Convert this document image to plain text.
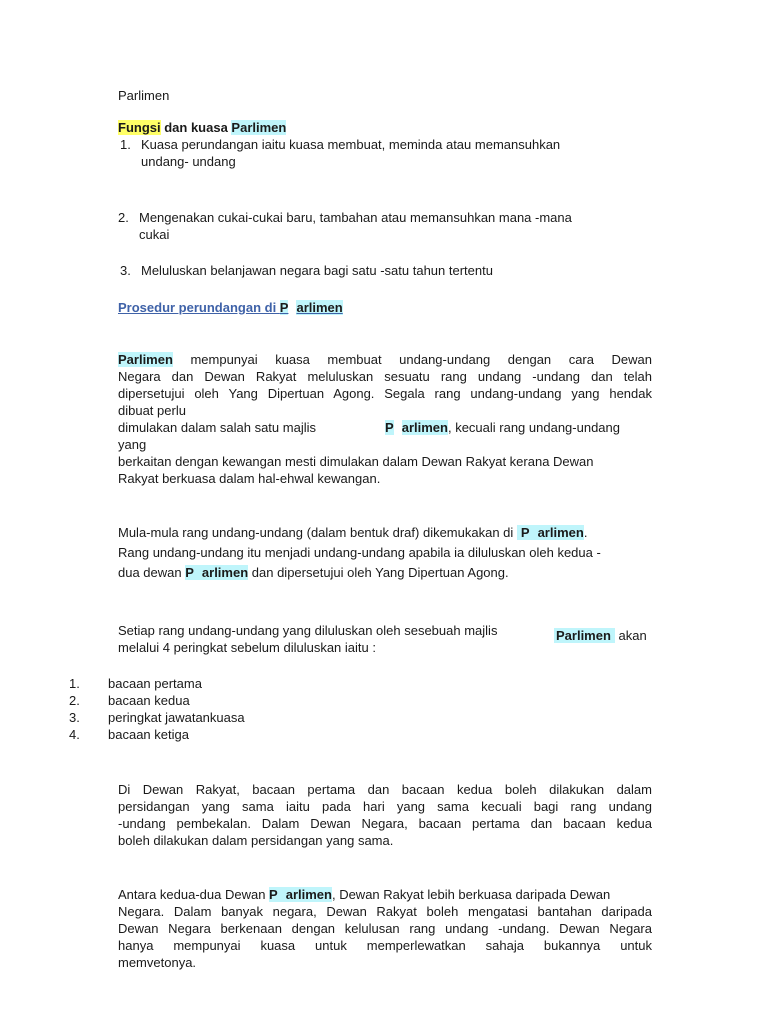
Parlimen
Fungsi dan kuasa Parlimen
1. Kuasa perundangan iaitu kuasa membuat, meminda atau memansuhkan
undang- undang
2. Mengenakan cukai-cukai baru, tambahan atau memansuhkan mana -mana
cukai
3. Meluluskan belanjawan negara bagi satu -satu tahun tertentu
Prosedur perundangan di P arlimen
Parlimen mempunyai kuasa membuat undang-undang dengan cara Dewan
Negara dan Dewan Rakyat meluluskan sesuatu rang undang -undang dan telah
dipersetujui oleh Yang Dipertuan Agong. Segala rang undang-undang yang hendak
dibuat perlu
dimulakan dalam salah satu majlis	P arlimen, kecuali rang undang-undang
yang
berkaitan dengan kewangan mesti dimulakan dalam Dewan Rakyat kerana Dewan
Rakyat berkuasa dalam hal-ehwal kewangan.
Mula-mula rang undang-undang (dalam bentuk draf) dikemukakan di P arlimen.
Rang undang-undang itu menjadi undang-undang apabila ia diluluskan oleh kedua -
dua dewan P arlimen dan dipersetujui oleh Yang Dipertuan Agong.
Setiap rang undang-undang yang diluluskan oleh sesebuah majlis	Parlimen akan
melalui 4 peringkat sebelum diluluskan iaitu :
1. bacaan pertama
2. bacaan kedua
3. peringkat jawatankuasa
4. bacaan ketiga
Di Dewan Rakyat, bacaan pertama dan bacaan kedua boleh dilakukan dalam
persidangan yang sama iaitu pada hari yang sama kecuali bagi rang undang
-undang pembekalan. Dalam Dewan Negara, bacaan pertama dan bacaan kedua
boleh dilakukan dalam persidangan yang sama.
Antara kedua-dua Dewan P arlimen, Dewan Rakyat lebih berkuasa daripada Dewan
Negara. Dalam banyak negara, Dewan Rakyat boleh mengatasi bantahan daripada
Dewan Negara berkenaan dengan kelulusan rang undang -undang. Dewan Negara
hanya mempunyai kuasa untuk memperlewatkan sahaja bukannya untuk
memvetonya.
